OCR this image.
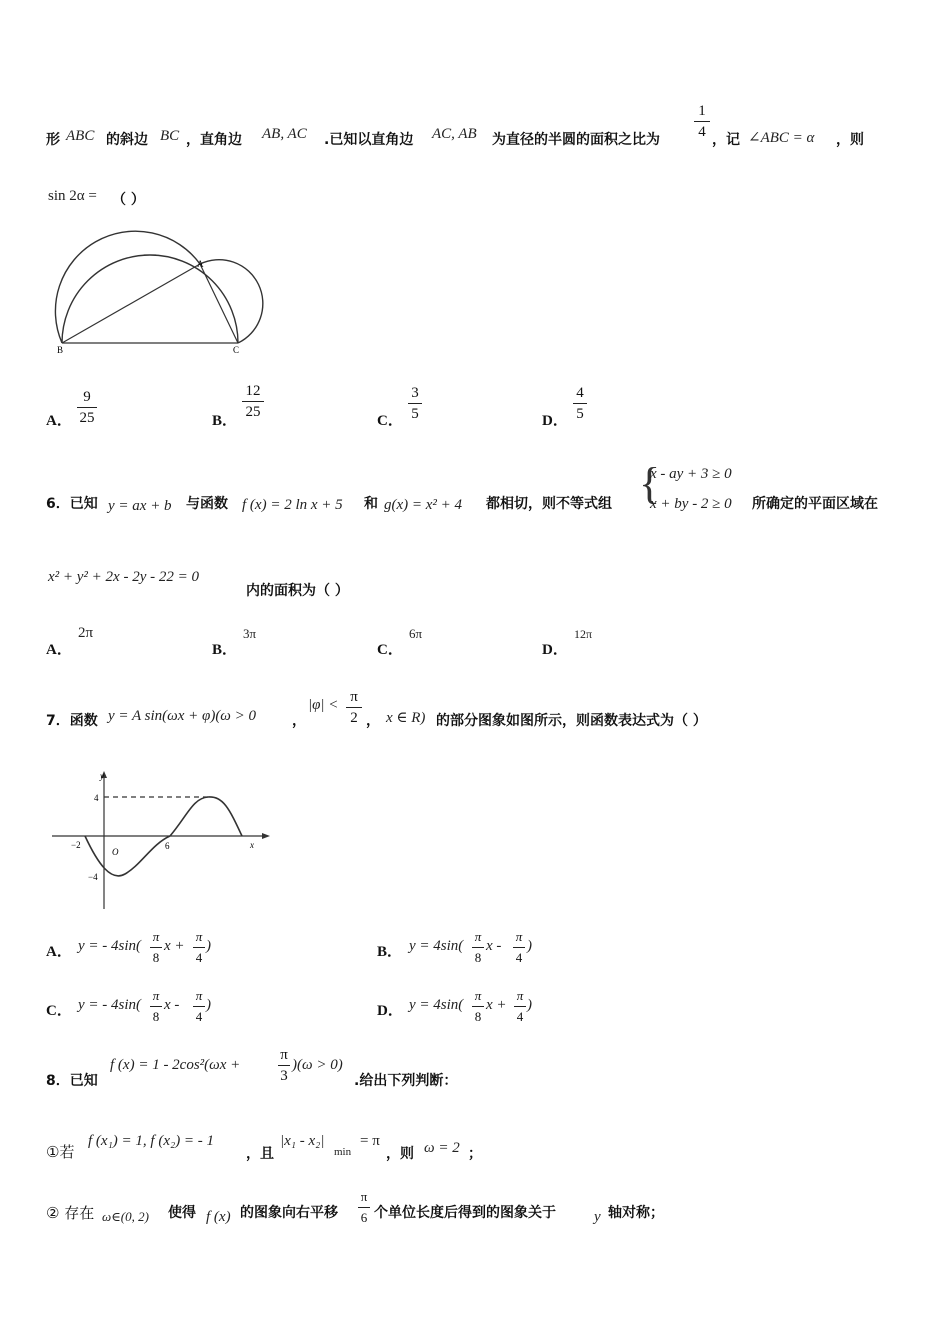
形 ABC 的斜边 BC ，直角边 AB, AC .已知以直角边 AC, AB 为直径的半圆的面积之比为
1
4 ，记 ∠ABC = α ，则
sin 2α = （ ）
A
B	C
A．
9
25	B．
12
25
C．
3
5	D．
4
5
6．已知 y = ax + b 与函数 f (x) = 2 ln x + 5 和 g(x) = x² + 4 都相切，则不等式组 {
x - ay + 3 ≥ 0
x + by - 2 ≥ 0 所确定的平面区域在
x² + y² + 2x - 2y - 22 = 0
内的面积为（ ）
A．
2π
B．
3π
C．
6π
D．
12π
7．函数 y = A sin(ωx + φ)(ω > 0	，
|φ| < π
2 ， x ∈ R) 的部分图象如图所示，则函数表达式为（ ）
y
x
O
4
−4
−2	6
A． y = - 4sin(
π
8
x +
π
4
)	B． y = 4sin(
π
8
x -
π
4
)
C． y = - 4sin(
π
8
x -
π
4
)	D． y = 4sin(
π
8
x +
π
4
)
8．已知
f (x) = 1 - 2cos²(ωx +
π
3
)(ω > 0)
.给出下列判断：
①若
f (x₁) = 1, f (x₂) = - 1
，且
|x₁ - x₂|
min
= π
，则 ω = 2 ；
② 存在 ω∈(0, 2) 使得 f (x) 的图象向右平移
π
6 个单位长度后得到的图象关于	y 轴对称；
